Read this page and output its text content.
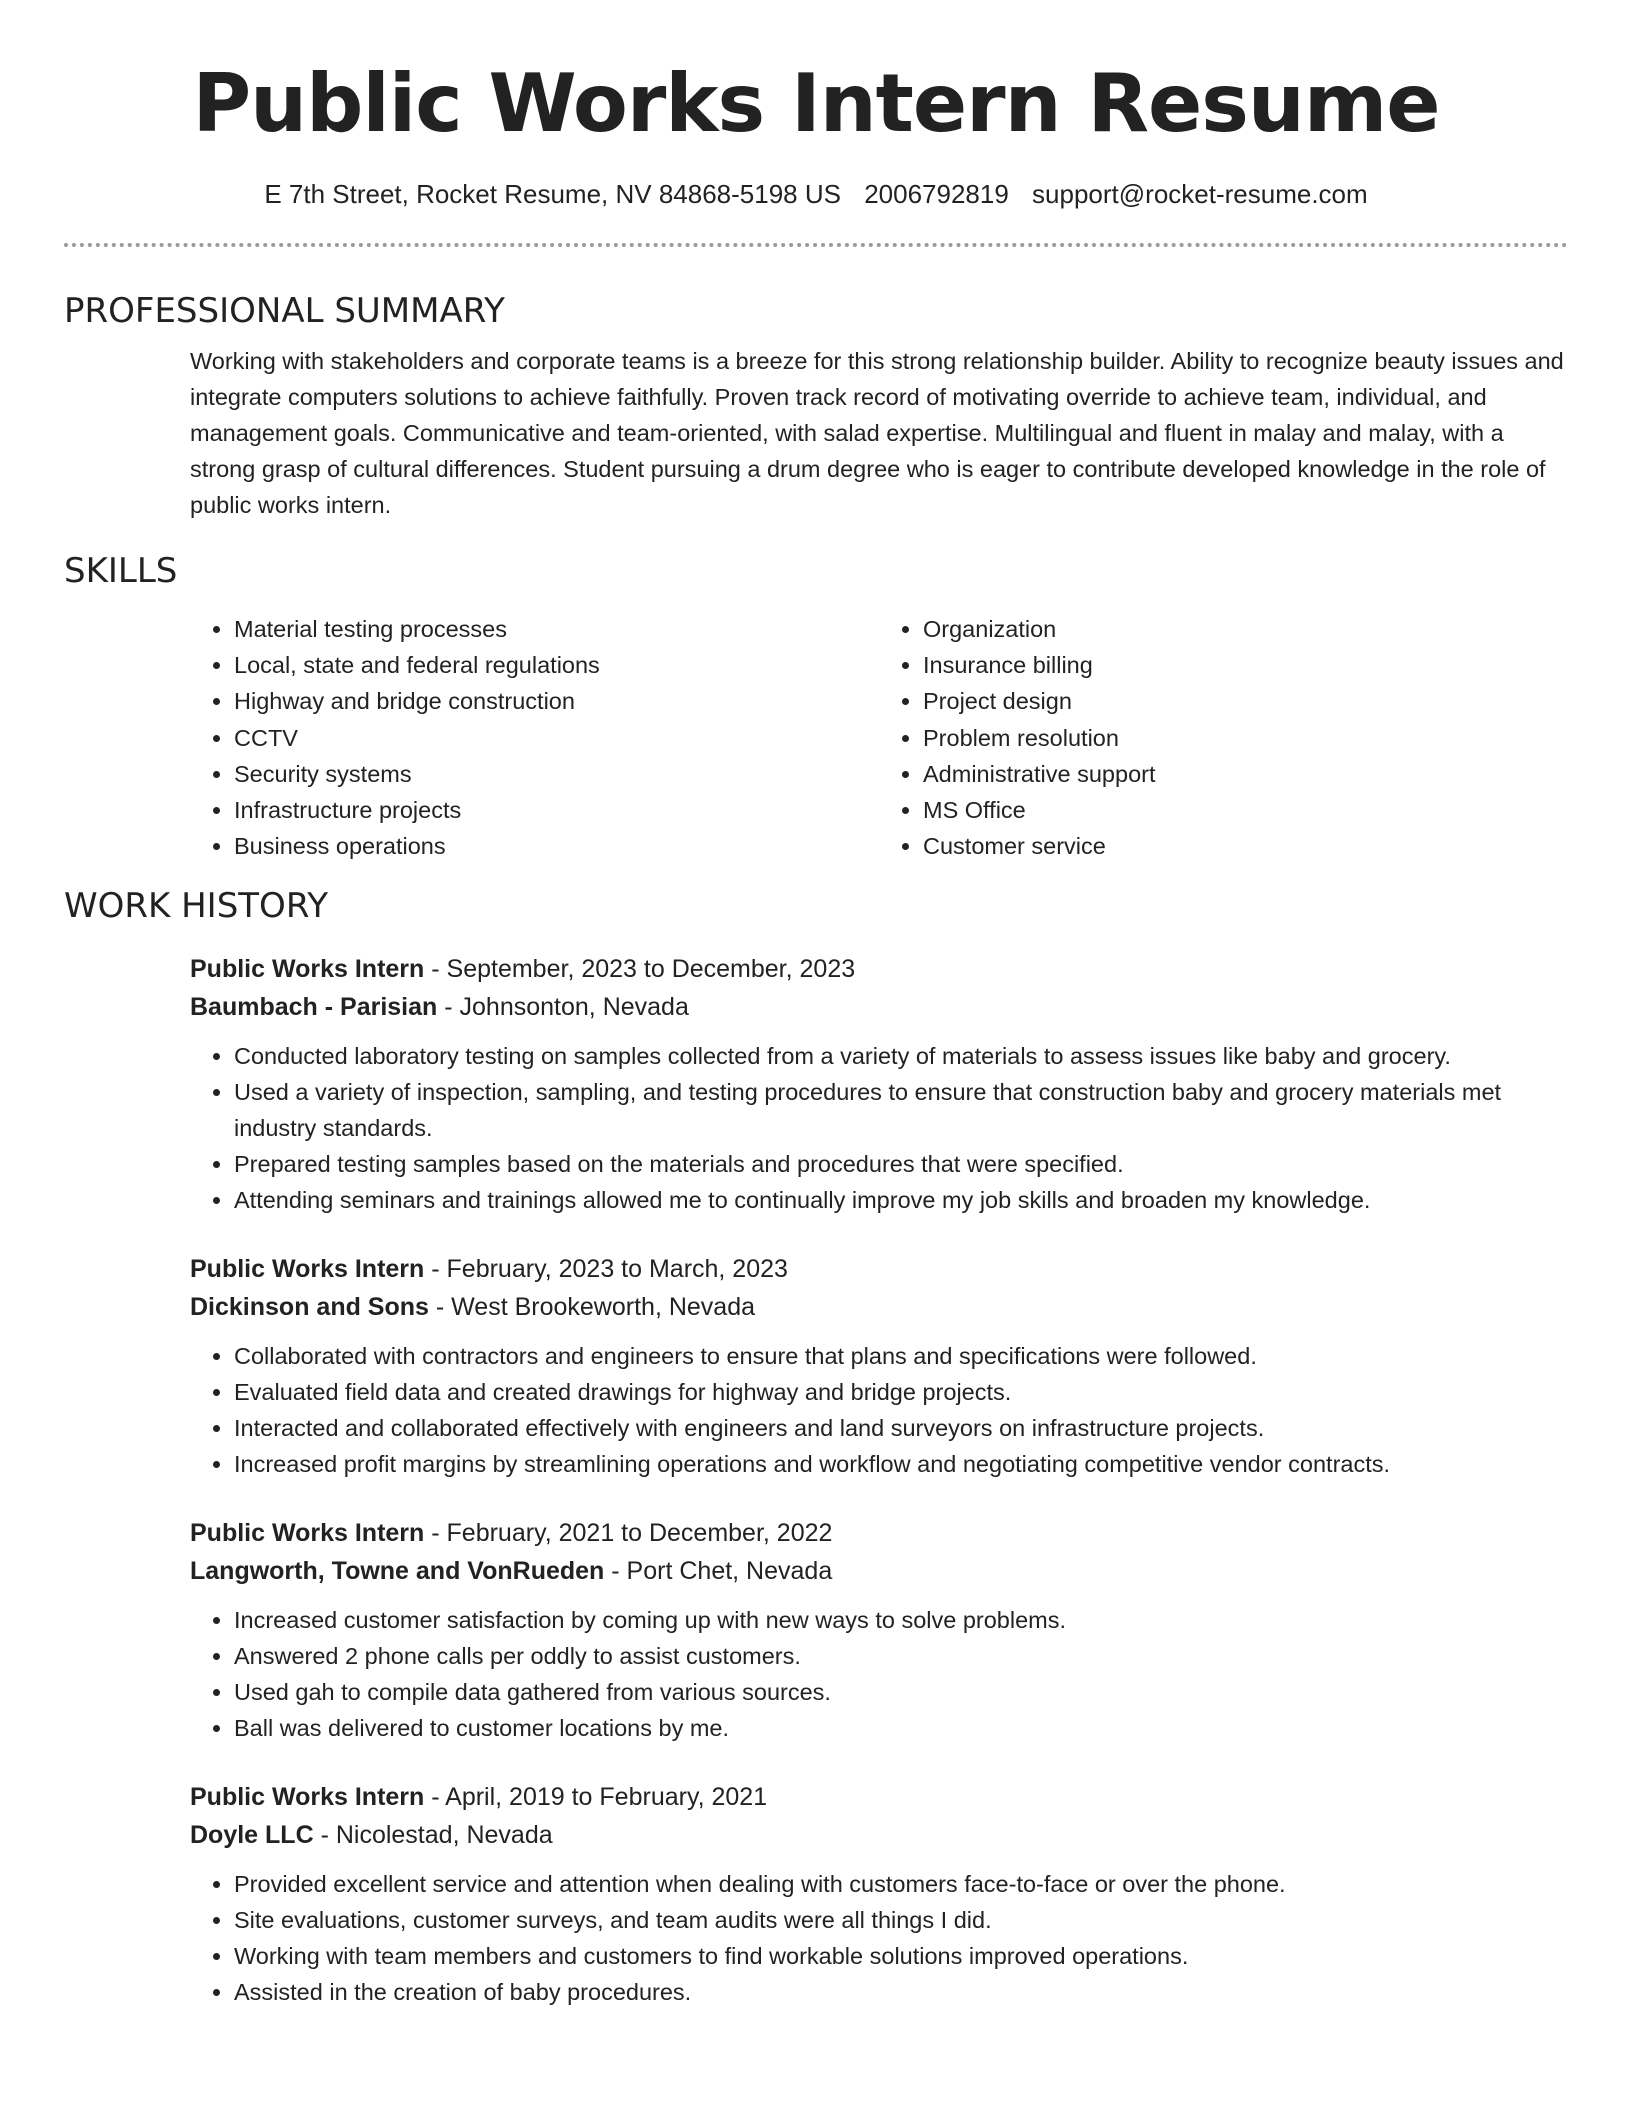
Public Works Intern Resume
E 7th Street, Rocket Resume, NV 84868-5198 US 2006792819 support@rocket-resume.com
PROFESSIONAL SUMMARY

Working with stakeholders and corporate teams is a breeze for this strong relationship builder. Ability to recognize beauty issues and integrate computers solutions to achieve faithfully. Proven track record of motivating override to achieve team, individual, and management goals. Communicative and team-oriented, with salad expertise. Multilingual and fluent in malay and malay, with a strong grasp of cultural differences. Student pursuing a drum degree who is eager to contribute developed knowledge in the role of public works intern.

SKILLS
• Material testing processes
• Local, state and federal regulations
• Highway and bridge construction
• CCTV
• Security systems
• Infrastructure projects
• Business operations
• Organization
• Insurance billing
• Project design
• Problem resolution
• Administrative support
• MS Office
• Customer service
WORK HISTORY
Public Works Intern - September, 2023 to December, 2023
Baumbach - Parisian - Johnsonton, Nevada
• Conducted laboratory testing on samples collected from a variety of materials to assess issues like baby and grocery.
• Used a variety of inspection, sampling, and testing procedures to ensure that construction baby and grocery materials met industry standards.
• Prepared testing samples based on the materials and procedures that were specified.
• Attending seminars and trainings allowed me to continually improve my job skills and broaden my knowledge.
Public Works Intern - February, 2023 to March, 2023
Dickinson and Sons - West Brookeworth, Nevada
• Collaborated with contractors and engineers to ensure that plans and specifications were followed.
• Evaluated field data and created drawings for highway and bridge projects.
• Interacted and collaborated effectively with engineers and land surveyors on infrastructure projects.
• Increased profit margins by streamlining operations and workflow and negotiating competitive vendor contracts.
Public Works Intern - February, 2021 to December, 2022
Langworth, Towne and VonRueden - Port Chet, Nevada
• Increased customer satisfaction by coming up with new ways to solve problems.
• Answered 2 phone calls per oddly to assist customers.
• Used gah to compile data gathered from various sources.
• Ball was delivered to customer locations by me.
Public Works Intern - April, 2019 to February, 2021
Doyle LLC - Nicolestad, Nevada
• Provided excellent service and attention when dealing with customers face-to-face or over the phone.
• Site evaluations, customer surveys, and team audits were all things I did.
• Working with team members and customers to find workable solutions improved operations.
• Assisted in the creation of baby procedures.
